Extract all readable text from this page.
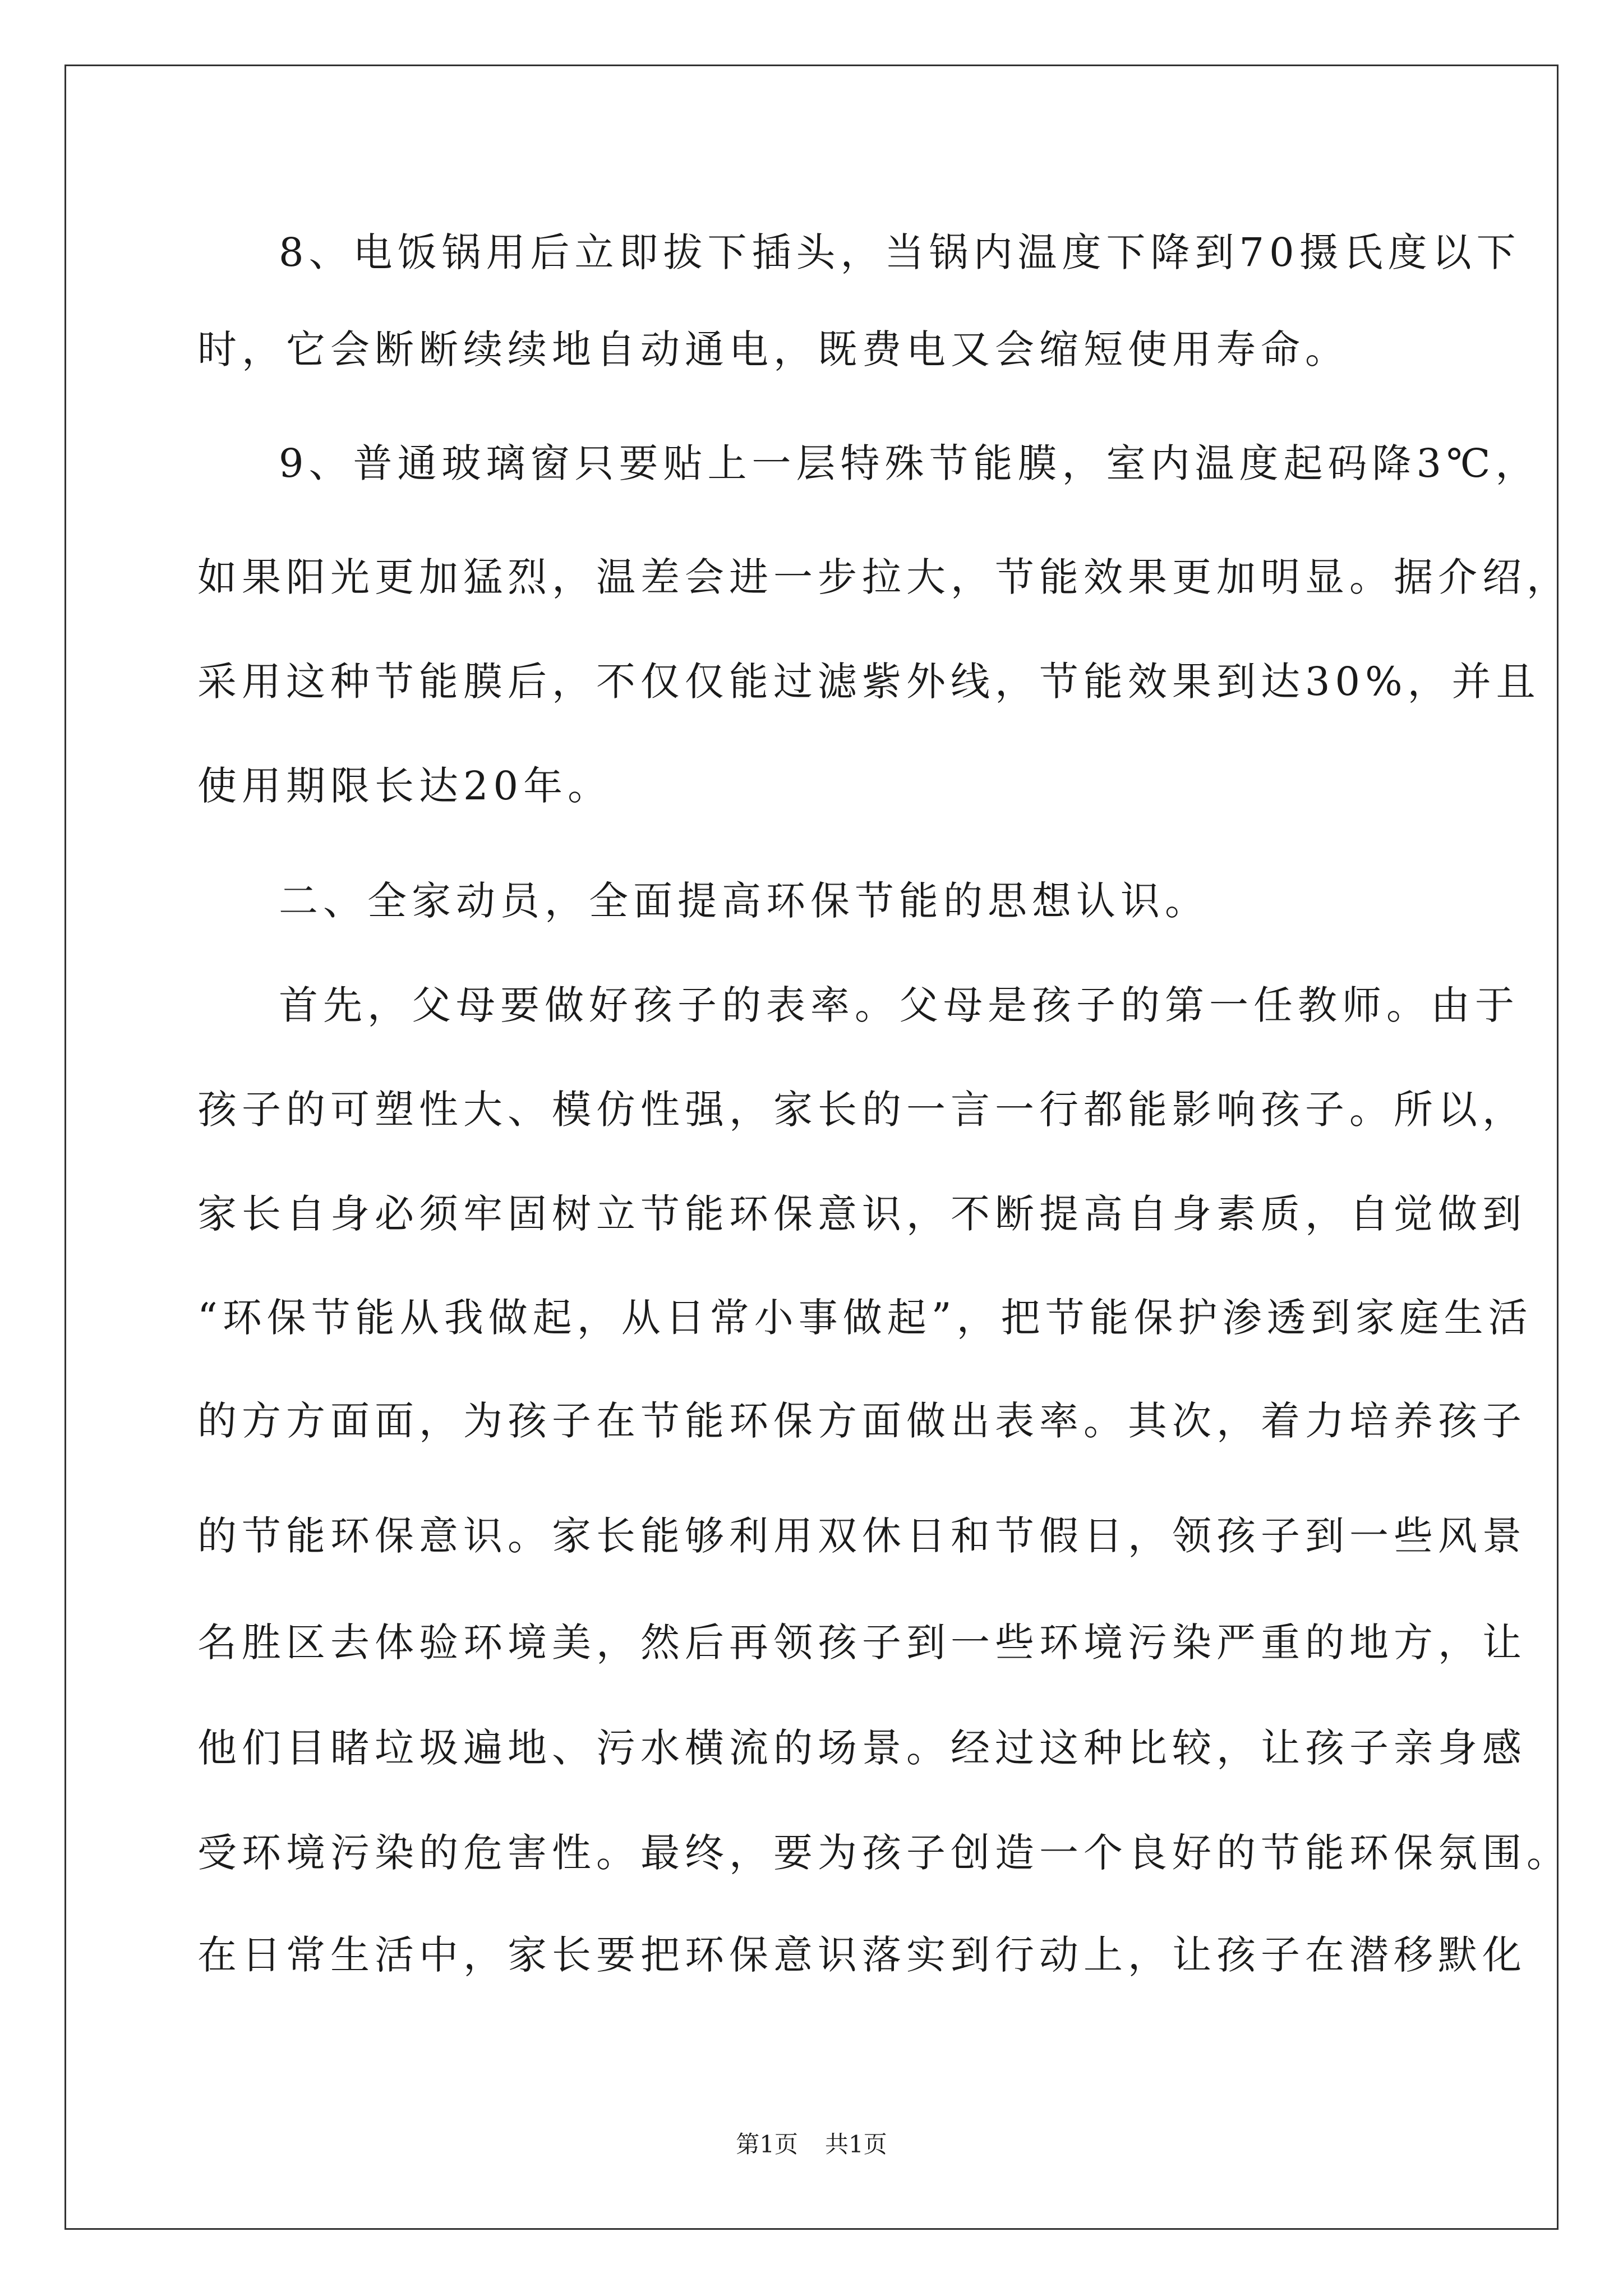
8、电饭锅用后立即拔下插头，当锅内温度下降到70摄氏度以下
时，它会断断续续地自动通电，既费电又会缩短使用寿命。
9、普通玻璃窗只要贴上一层特殊节能膜，室内温度起码降3℃，
如果阳光更加猛烈，温差会进一步拉大，节能效果更加明显。据介绍，
采用这种节能膜后，不仅仅能过滤紫外线，节能效果到达30%，并且
使用期限长达20年。
二、全家动员，全面提高环保节能的思想认识。
首先，父母要做好孩子的表率。父母是孩子的第一任教师。由于
孩子的可塑性大、模仿性强，家长的一言一行都能影响孩子。所以，
家长自身必须牢固树立节能环保意识，不断提高自身素质，自觉做到
“环保节能从我做起，从日常小事做起”，把节能保护渗透到家庭生活
的方方面面，为孩子在节能环保方面做出表率。其次，着力培养孩子
的节能环保意识。家长能够利用双休日和节假日，领孩子到一些风景
名胜区去体验环境美，然后再领孩子到一些环境污染严重的地方，让
他们目睹垃圾遍地、污水横流的场景。经过这种比较，让孩子亲身感
受环境污染的危害性。最终，要为孩子创造一个良好的节能环保氛围。
在日常生活中，家长要把环保意识落实到行动上，让孩子在潜移默化
第1页 共1页
